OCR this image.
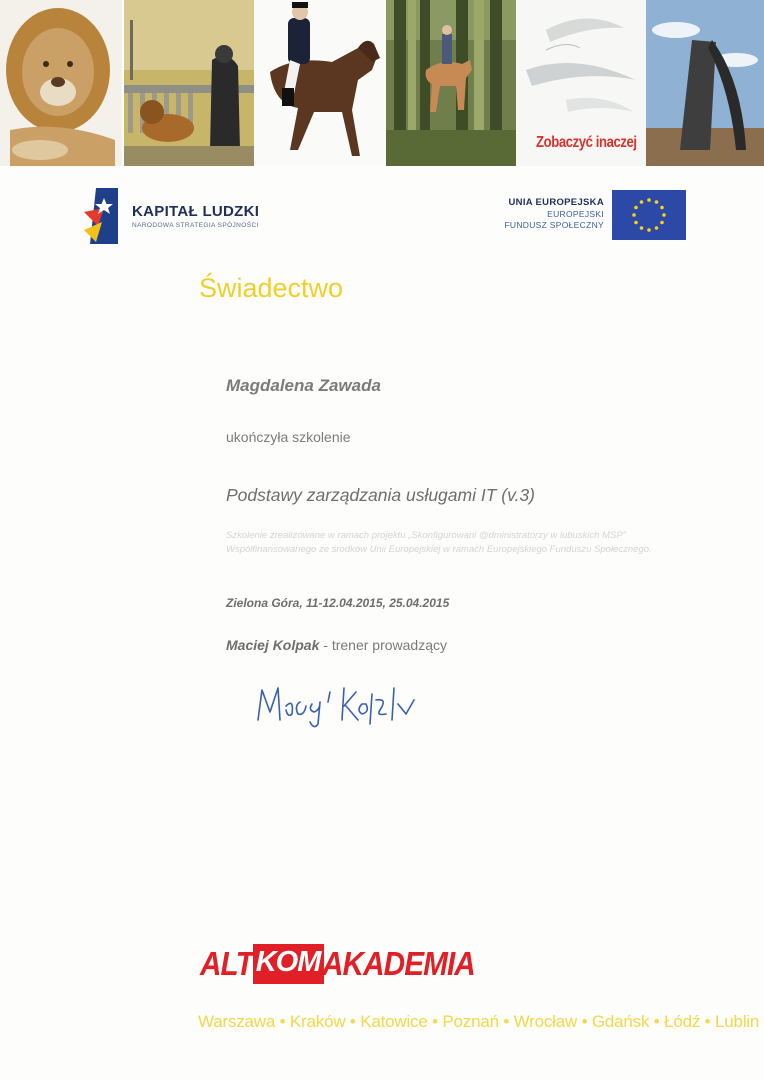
Zobaczyć inaczej
KAPITAŁ LUDZKI
NARODOWA STRATEGIA SPÓJNOŚCI
UNIA EUROPEJSKA
EUROPEJSKI
FUNDUSZ SPOŁECZNY
Świadectwo
Magdalena Zawada
ukończyła szkolenie
Podstawy zarządzania usługami IT (v.3)
Szkolenie zrealizowane w ramach projektu „Skonfigurowani @dministratorzy w lubuskich MSP”
Współfinansowanego ze środków Unii Europejskiej w ramach Europejskiego Funduszu Społecznego.
Zielona Góra, 11-12.04.2015, 25.04.2015
Maciej Kolpak - trener prowadzący
ALTKOMAKADEMIA
Warszawa • Kraków • Katowice • Poznań • Wrocław • Gdańsk • Łódź • Lublin
